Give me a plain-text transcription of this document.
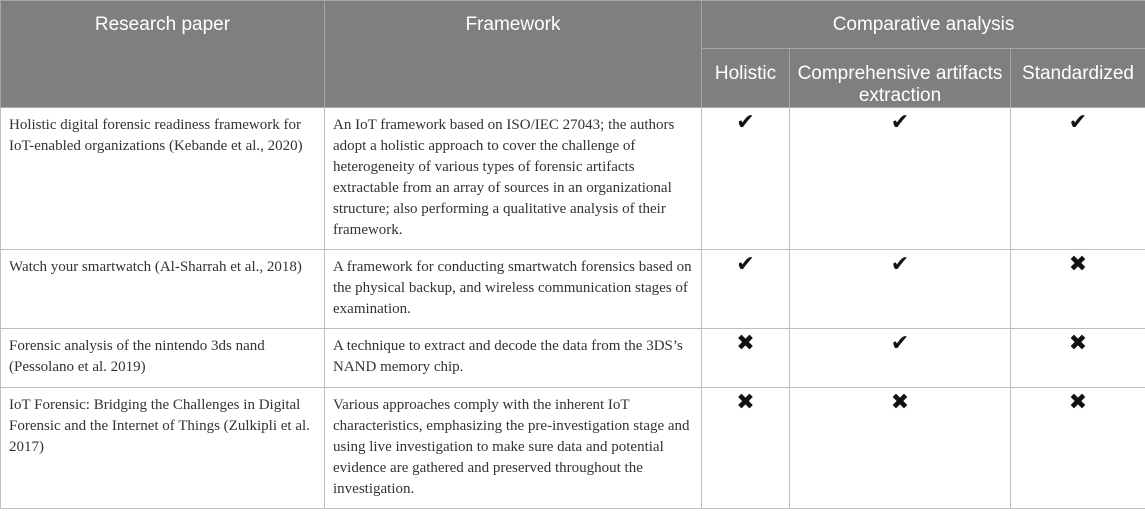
Research paper	Framework	Comparative analysis		
		Holistic	Comprehensive artifacts extraction	Standardized
Holistic digital forensic readiness framework for IoT-enabled organizations (Kebande et al., 2020)	An IoT framework based on ISO/IEC 27043; the authors adopt a holistic approach to cover the challenge of heterogeneity of various types of forensic artifacts extractable from an array of sources in an organizational structure; also performing a qualitative analysis of their framework.	✔	✔	✔
Watch your smartwatch (Al-Sharrah et al., 2018)	A framework for conducting smartwatch forensics based on the physical backup, and wireless communication stages of examination.	✔	✔	✖
Forensic analysis of the nintendo 3ds nand (Pessolano et al. 2019)	A technique to extract and decode the data from the 3DS’s NAND memory chip.	✖	✔	✖
IoT Forensic: Bridging the Challenges in Digital Forensic and the Internet of Things (Zulkipli et al. 2017)	Various approaches comply with the inherent IoT characteristics, emphasizing the pre-investigation stage and using live investigation to make sure data and potential evidence are gathered and preserved throughout the investigation.	✖	✖	✖
